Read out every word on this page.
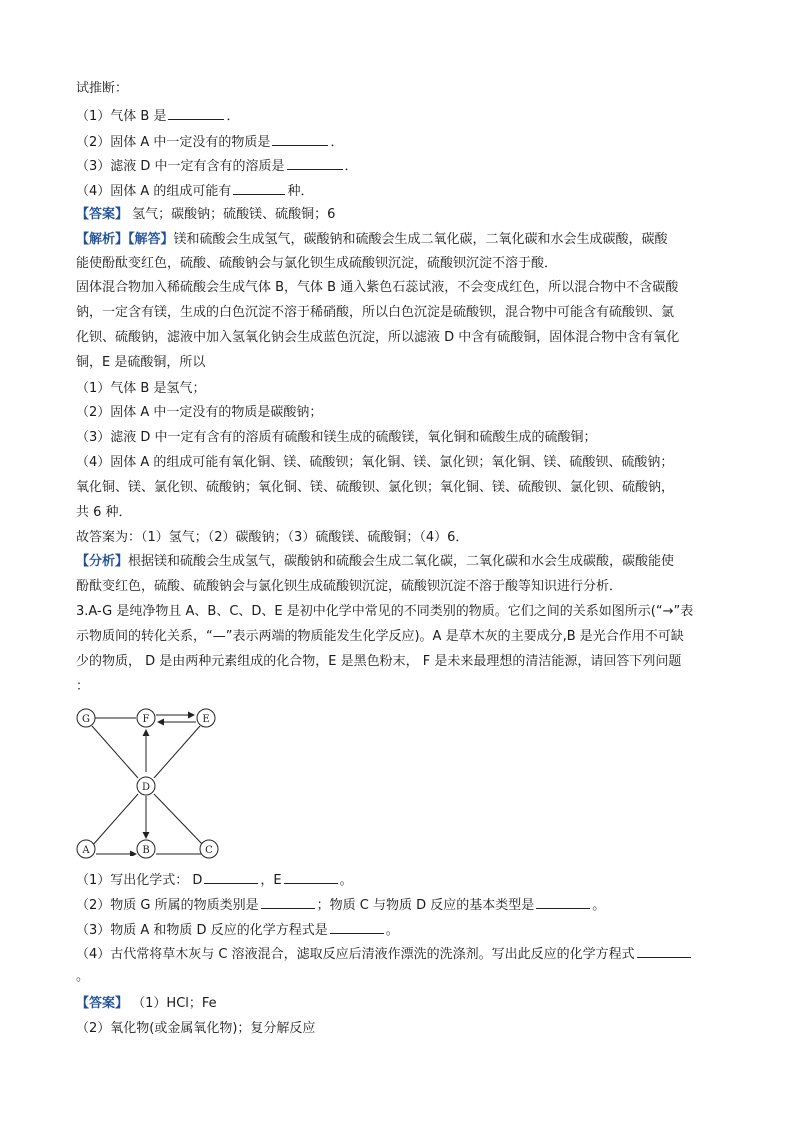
试推断：
（1）气体 B 是	．
（2）固体 A 中一定没有的物质是	．
（3）滤液 D 中一定有含有的溶质是	．
（4）固体 A 的组成可能有	种．
【答案】 氢气；碳酸钠；硫酸镁、硫酸铜；6
【解析】【解答】镁和硫酸会生成氢气，碳酸钠和硫酸会生成二氧化碳，二氧化碳和水会生成碳酸，碳酸
能使酚酞变红色，硫酸、硫酸钠会与氯化钡生成硫酸钡沉淀，硫酸钡沉淀不溶于酸．
固体混合物加入稀硫酸会生成气体 B，气体 B 通入紫色石蕊试液，不会变成红色，所以混合物中不含碳酸
钠，一定含有镁，生成的白色沉淀不溶于稀硝酸，所以白色沉淀是硫酸钡，混合物中可能含有硫酸钡、氯
化钡、硫酸钠，滤液中加入氢氧化钠会生成蓝色沉淀，所以滤液 D 中含有硫酸铜，固体混合物中含有氧化
铜，E 是硫酸铜，所以
（1）气体 B 是氢气；
（2）固体 A 中一定没有的物质是碳酸钠；
（3）滤液 D 中一定有含有的溶质有硫酸和镁生成的硫酸镁，氧化铜和硫酸生成的硫酸铜；
（4）固体 A 的组成可能有氧化铜、镁、硫酸钡；氧化铜、镁、氯化钡；氧化铜、镁、硫酸钡、硫酸钠；
氧化铜、镁、氯化钡、硫酸钠；氧化铜、镁、硫酸钡、氯化钡；氧化铜、镁、硫酸钡、氯化钡、硫酸钠，
共 6 种．
故答案为：（1）氢气；（2）碳酸钠；（3）硫酸镁、硫酸铜；（4）6．
【分析】根据镁和硫酸会生成氢气，碳酸钠和硫酸会生成二氧化碳，二氧化碳和水会生成碳酸，碳酸能使
酚酞变红色，硫酸、硫酸钠会与氯化钡生成硫酸钡沉淀，硫酸钡沉淀不溶于酸等知识进行分析．
3.A-G 是纯净物且 A、B、C、D、E 是初中化学中常见的不同类别的物质。它们之间的关系如图所示(“→”表
示物质间的转化关系，“—”表示两端的物质能发生化学反应)。A 是草木灰的主要成分,B 是光合作用不可缺
少的物质， D 是由两种元素组成的化合物，E 是黑色粉末， F 是未来最理想的清洁能源，请回答下列问题
：
G	F	E
D
A	B	C
（1）写出化学式： D	，E	。
（2）物质 G 所属的物质类别是	；物质 C 与物质 D 反应的基本类型是	。
（3）物质 A 和物质 D 反应的化学方程式是	。
（4）古代常将草木灰与 C 溶液混合，滤取反应后清液作漂洗的洗涤剂。写出此反应的化学方程式
。
【答案】 （1）HCl；Fe
（2）氧化物(或金属氧化物)；复分解反应
